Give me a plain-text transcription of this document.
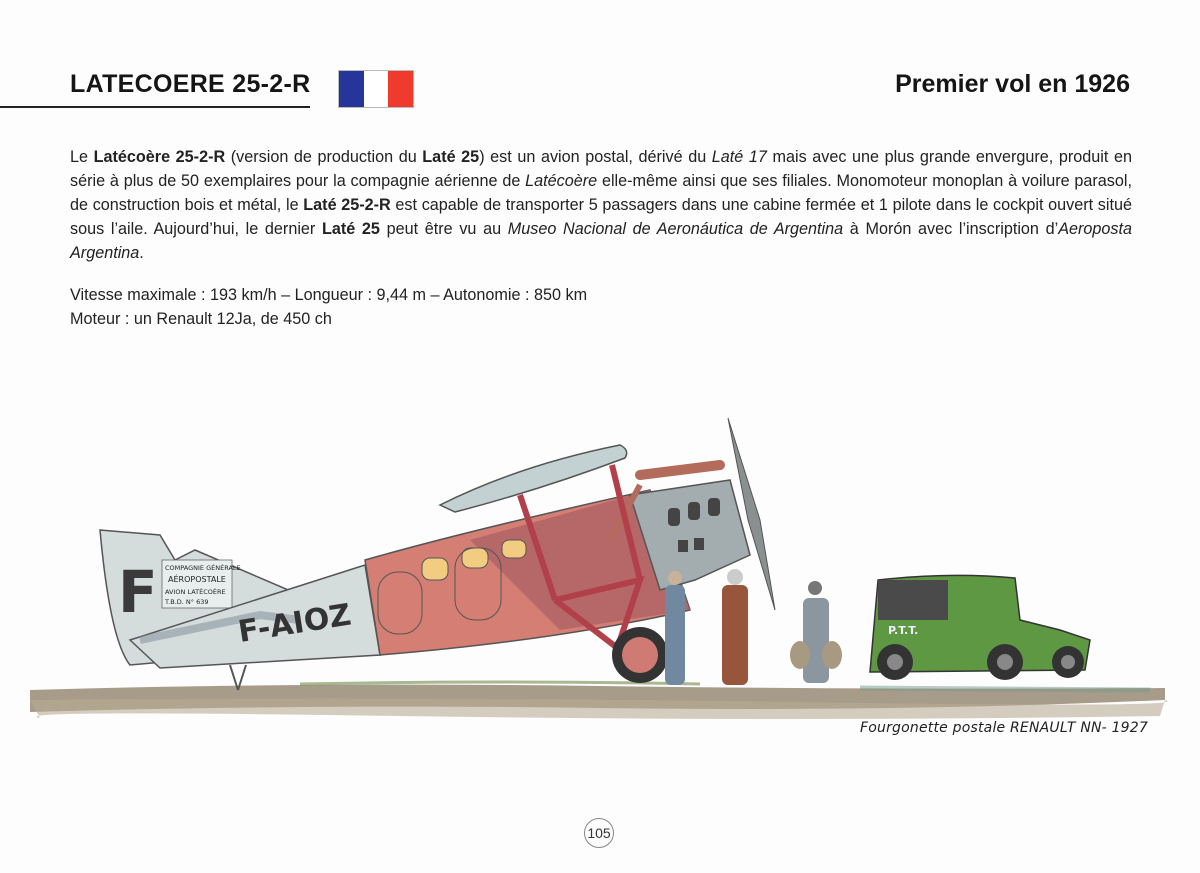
LATECOERE 25-2-R	Premier vol en 1926
Le Latécoère 25-2-R (version de production du Laté 25) est un avion postal, dérivé du Laté 17 mais avec une plus grande envergure, produit en série à plus de 50 exemplaires pour la compagnie aérienne de Latécoère elle-même ainsi que ses filiales. Monomoteur monoplan à voilure parasol, de construction bois et métal, le Laté 25-2-R est capable de transporter 5 passagers dans une cabine fermée et 1 pilote dans le cockpit ouvert situé sous l’aile. Aujourd’hui, le dernier Laté 25 peut être vu au Museo Nacional de Aeronáutica de Argentina à Morón avec l’inscription d’Aeroposta Argentina.
Vitesse maximale : 193 km/h – Longueur : 9,44 m – Autonomie : 850 km
Moteur : un Renault 12Ja, de 450 ch
F COMPAGNIE GÉNÉRALE
AÉROPOSTALE
AVION LATÉCOÈRE
T.B.D. N° 639 F-AIOZ	P.T.T.
Fourgonette postale RENAULT NN- 1927
105
